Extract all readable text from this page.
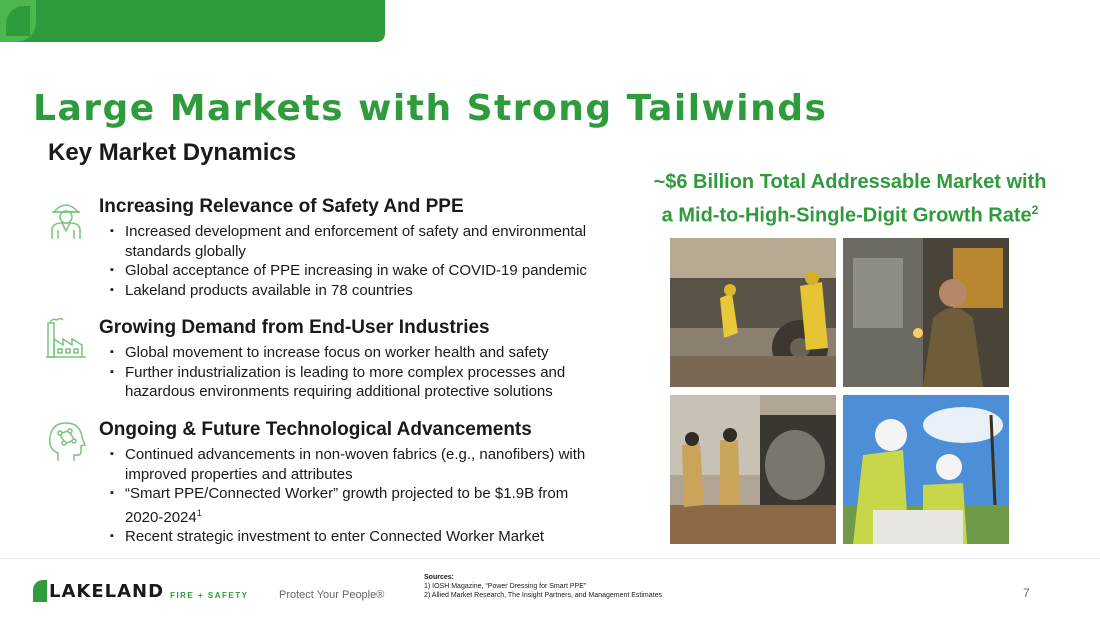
Large Markets with Strong Tailwinds
Key Market Dynamics
Increasing Relevance of Safety And PPE
▪ Increased development and enforcement of safety and environmental standards globally
▪ Global acceptance of PPE increasing in wake of COVID-19 pandemic
▪ Lakeland products available in 78 countries
Growing Demand from End-User Industries
▪ Global movement to increase focus on worker health and safety
▪ Further industrialization is leading to more complex processes and hazardous environments requiring additional protective solutions
Ongoing & Future Technological Advancements
▪ Continued advancements in non-woven fabrics (e.g., nanofibers) with improved properties and attributes
▪ “Smart PPE/Connected Worker” growth projected to be $1.9B from 2020-2024$^1$
▪ Recent strategic investment to enter Connected Worker Market
~$6 Billion Total Addressable Market with
a Mid-to-High-Single-Digit Growth Rate$^2$
LAKELAND FIRE + SAFETY	Protect Your People®
Sources:
1) IOSH Magazine, “Power Dressing for Smart PPE”
2) Allied Market Research, The Insight Partners, and Management Estimates	7
